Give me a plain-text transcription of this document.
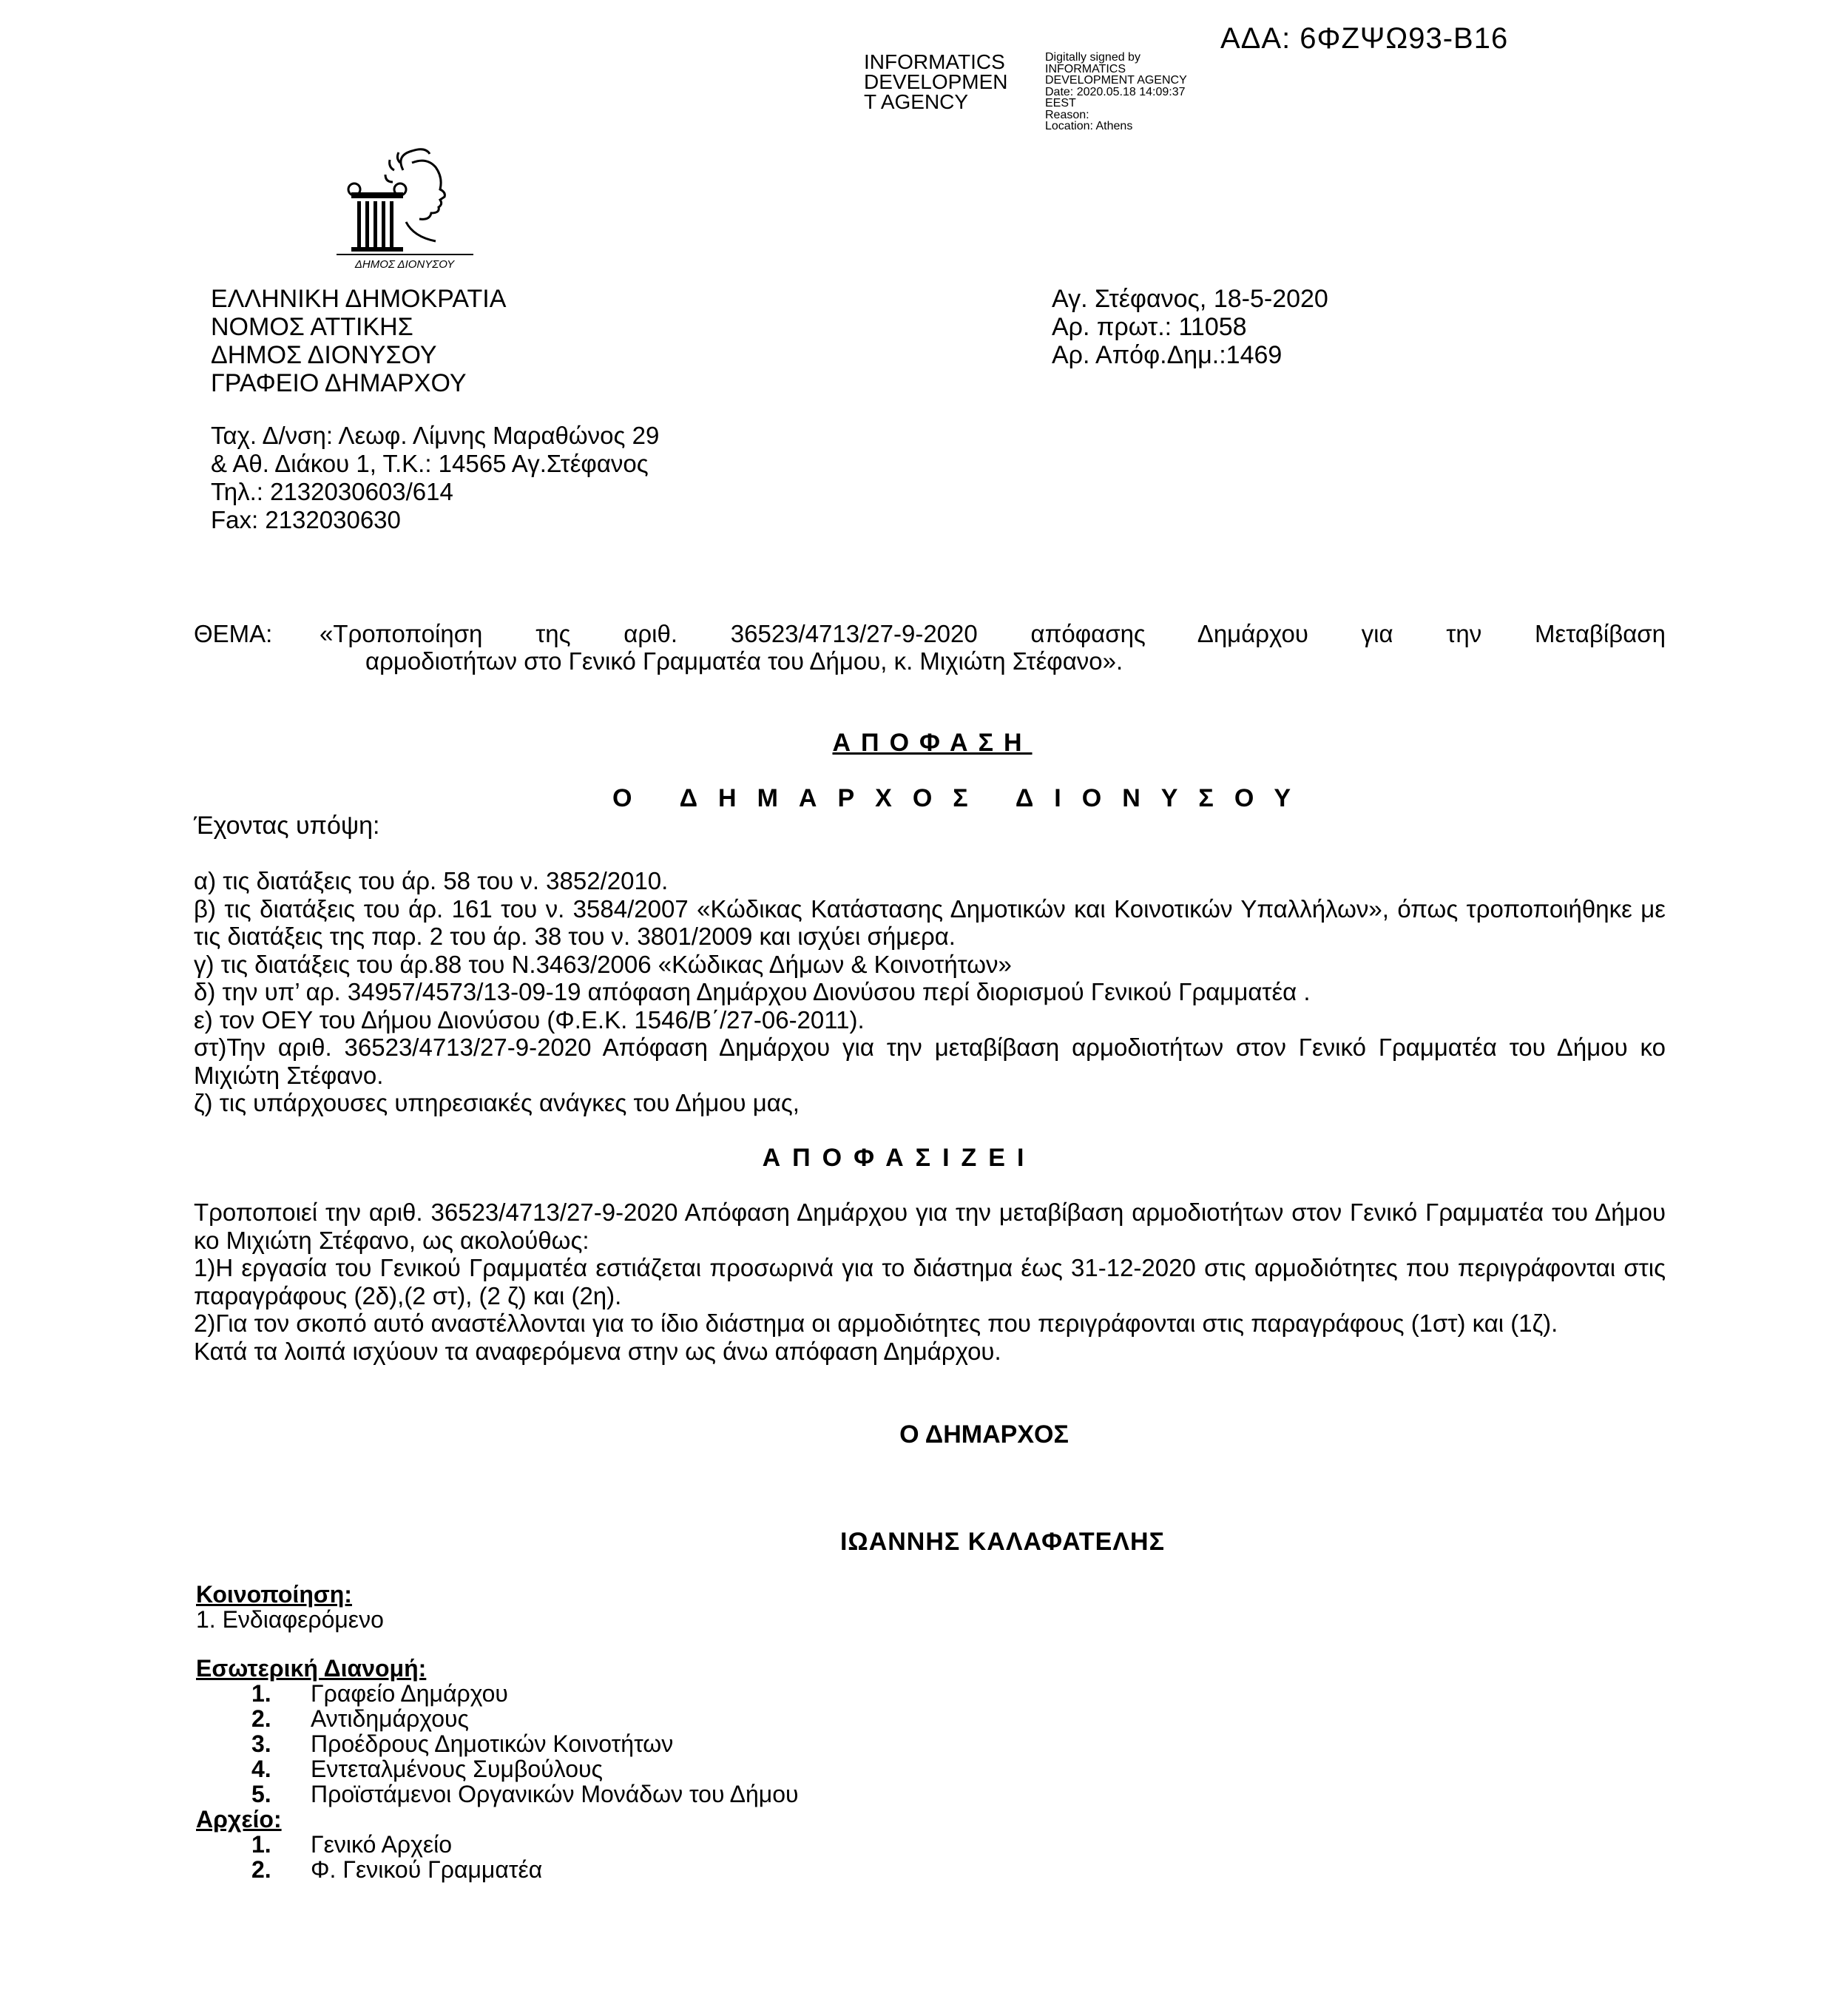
ΑΔΑ: 6ΦΖΨΩ93-Β16
INFORMATICS
DEVELOPMEN
T AGENCY
Digitally signed by
INFORMATICS
DEVELOPMENT AGENCY
Date: 2020.05.18 14:09:37
EEST
Reason:
Location: Athens
ΔΗΜΟΣ ΔΙΟΝΥΣΟΥ
ΕΛΛΗΝΙΚΗ ΔΗΜΟΚΡΑΤΙΑ
ΝΟΜΟΣ ΑΤΤΙΚΗΣ
ΔΗΜΟΣ ΔΙΟΝΥΣΟΥ
ΓΡΑΦΕΙΟ ΔΗΜΑΡΧΟΥ
Αγ. Στέφανος, 18-5-2020
Αρ. πρωτ.: 11058
Αρ. Απόφ.Δημ.:1469
Ταχ. Δ/νση: Λεωφ. Λίμνης Μαραθώνος 29
& Αθ. Διάκου 1, Τ.Κ.: 14565 Αγ.Στέφανος
Τηλ.: 2132030603/614
Fax: 2132030630
ΘΕΜΑ:	«Τροποποίηση της αριθ. 36523/4713/27-9-2020 απόφασης Δημάρχου για την Μεταβίβαση
αρμοδιοτήτων στο Γενικό Γραμματέα του Δήμου, κ. Μιχιώτη Στέφανο».
ΑΠΟΦΑΣΗ
Ο ΔΗΜΑΡΧΟΣ ΔΙΟΝΥΣΟΥ
Έχοντας υπόψη:
α) τις διατάξεις του άρ. 58 του ν. 3852/2010.
β) τις διατάξεις του άρ. 161 του ν. 3584/2007 «Κώδικας Κατάστασης Δημοτικών και Κοινοτικών Υπαλλήλων», όπως τροποποιήθηκε με τις διατάξεις της παρ. 2 του άρ. 38 του ν. 3801/2009 και ισχύει σήμερα.
γ) τις διατάξεις του άρ.88 του Ν.3463/2006 «Κώδικας Δήμων & Κοινοτήτων»
δ) την υπ’ αρ. 34957/4573/13-09-19 απόφαση Δημάρχου Διονύσου περί διορισμού Γενικού Γραμματέα .
ε) τον ΟΕΥ του Δήμου Διονύσου (Φ.Ε.Κ. 1546/Β΄/27-06-2011).
στ)Την αριθ. 36523/4713/27-9-2020 Απόφαση Δημάρχου για την μεταβίβαση αρμοδιοτήτων στον Γενικό Γραμματέα του Δήμου κο Μιχιώτη Στέφανο.
ζ) τις υπάρχουσες υπηρεσιακές ανάγκες του Δήμου μας,
ΑΠΟΦΑΣΙΖΕΙ
Τροποποιεί την αριθ. 36523/4713/27-9-2020 Απόφαση Δημάρχου για την μεταβίβαση αρμοδιοτήτων στον Γενικό Γραμματέα του Δήμου κο Μιχιώτη Στέφανο, ως ακολούθως:
1)Η εργασία του Γενικού Γραμματέα εστιάζεται προσωρινά για το διάστημα έως 31-12-2020 στις αρμοδιότητες που περιγράφονται στις παραγράφους (2δ),(2 στ), (2 ζ) και (2η).
2)Για τον σκοπό αυτό αναστέλλονται για το ίδιο διάστημα οι αρμοδιότητες που περιγράφονται στις παραγράφους (1στ) και (1ζ).
Κατά τα λοιπά ισχύουν τα αναφερόμενα στην ως άνω απόφαση Δημάρχου.
Ο ΔΗΜΑΡΧΟΣ
ΙΩΑΝΝΗΣ ΚΑΛΑΦΑΤΕΛΗΣ
Κοινοποίηση:
1. Ενδιαφερόμενο
Εσωτερική Διανομή:
1.	Γραφείο Δημάρχου
2.	Αντιδημάρχους
3.	Προέδρους Δημοτικών Κοινοτήτων
4.	Εντεταλμένους Συμβούλους
5.	Προϊστάμενοι Οργανικών Μονάδων του Δήμου
Αρχείο:
1.	Γενικό Αρχείο
2.	Φ. Γενικού Γραμματέα
